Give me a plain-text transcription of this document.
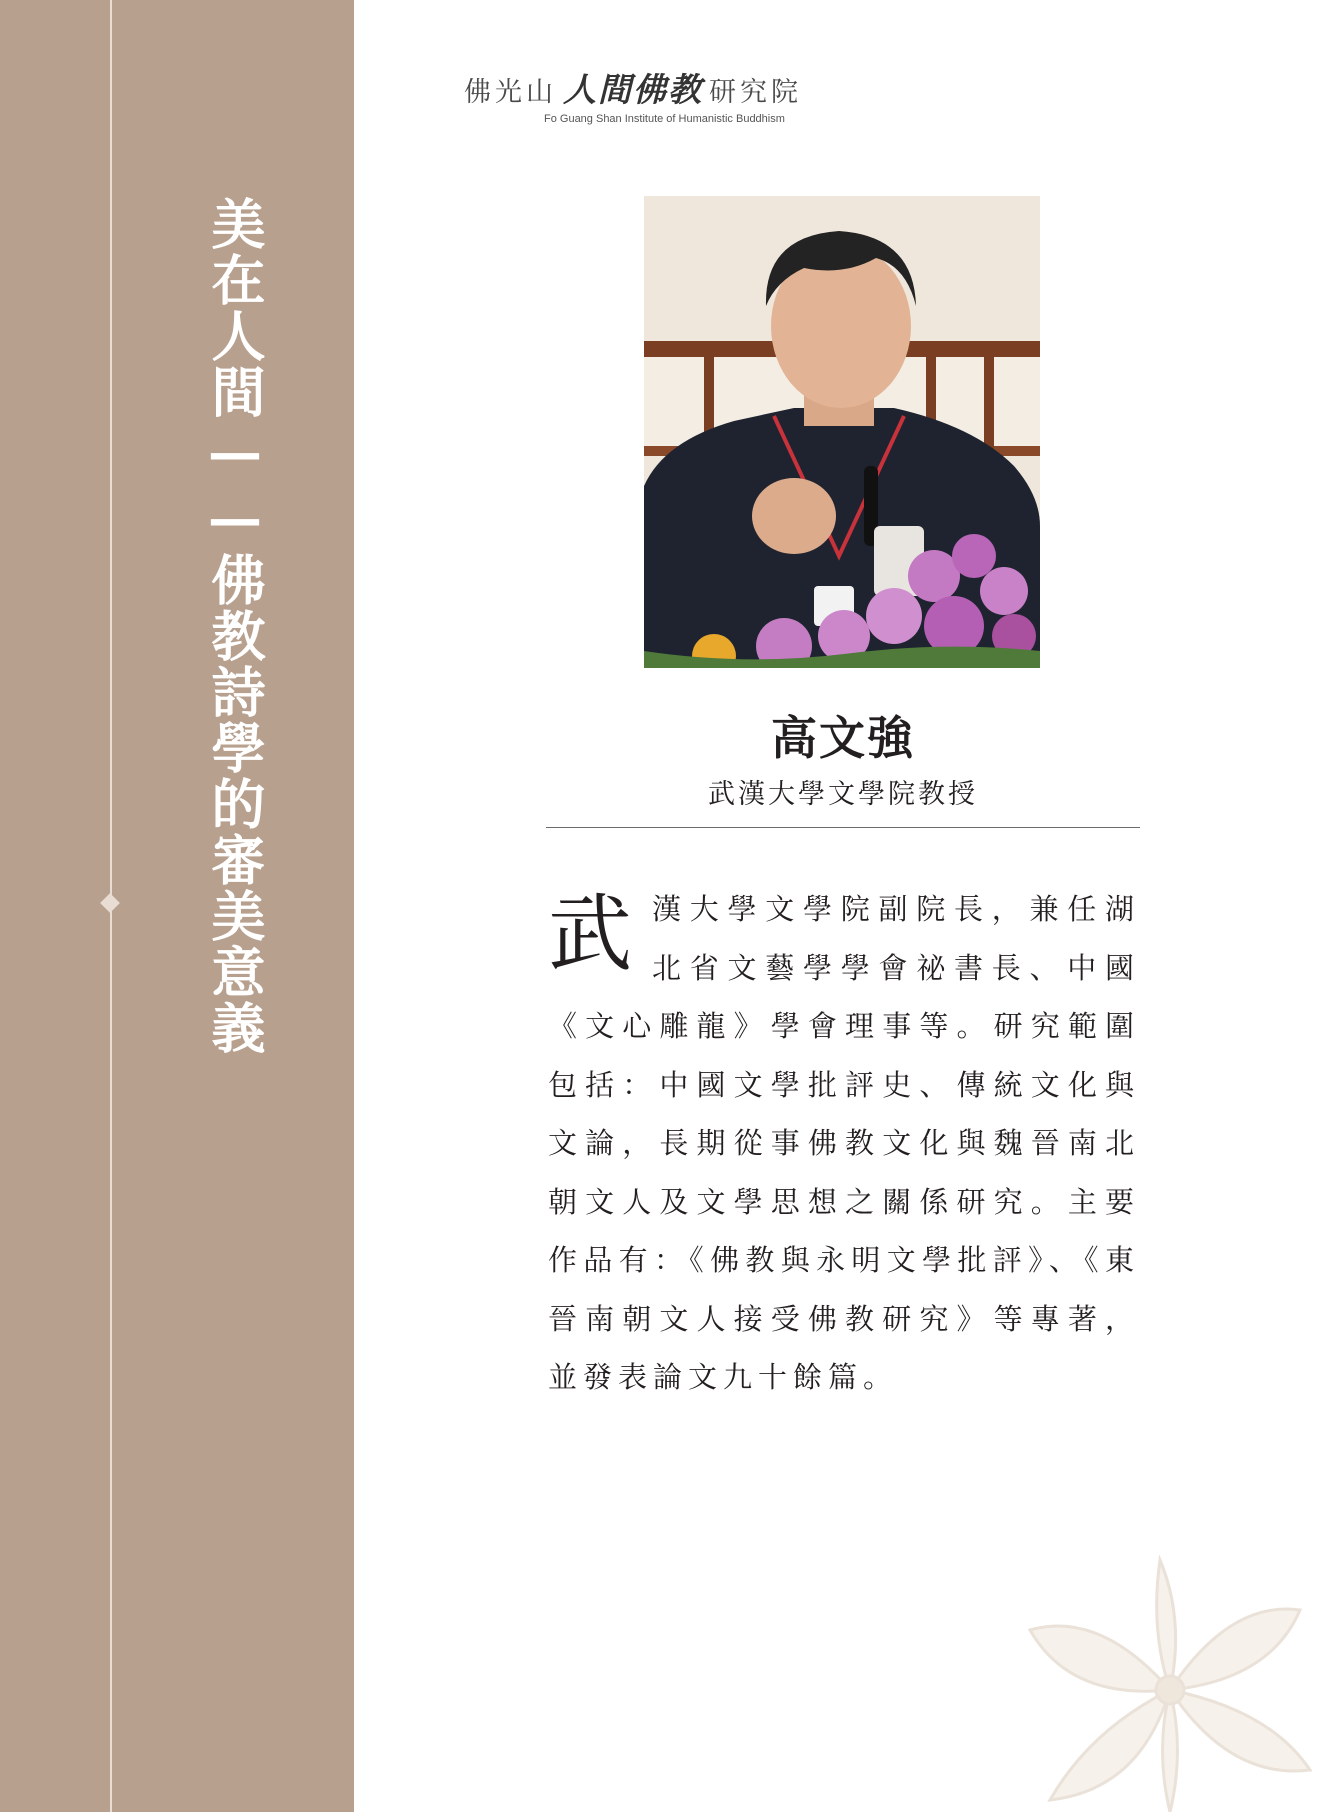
美在人間——佛教詩學的審美意義
佛光山 人間佛教 研究院
Fo Guang Shan Institute of Humanistic Buddhism
高文強
武漢大學文學院教授
武漢大學文學院副院長，兼任湖北省文藝學學會祕書長、中國《文心雕龍》學會理事等。研究範圍包括：中國文學批評史、傳統文化與文論，長期從事佛教文化與魏晉南北朝文人及文學思想之關係研究。主要作品有：《佛教與永明文學批評》、《東晉南朝文人接受佛教研究》等專著，並發表論文九十餘篇。
